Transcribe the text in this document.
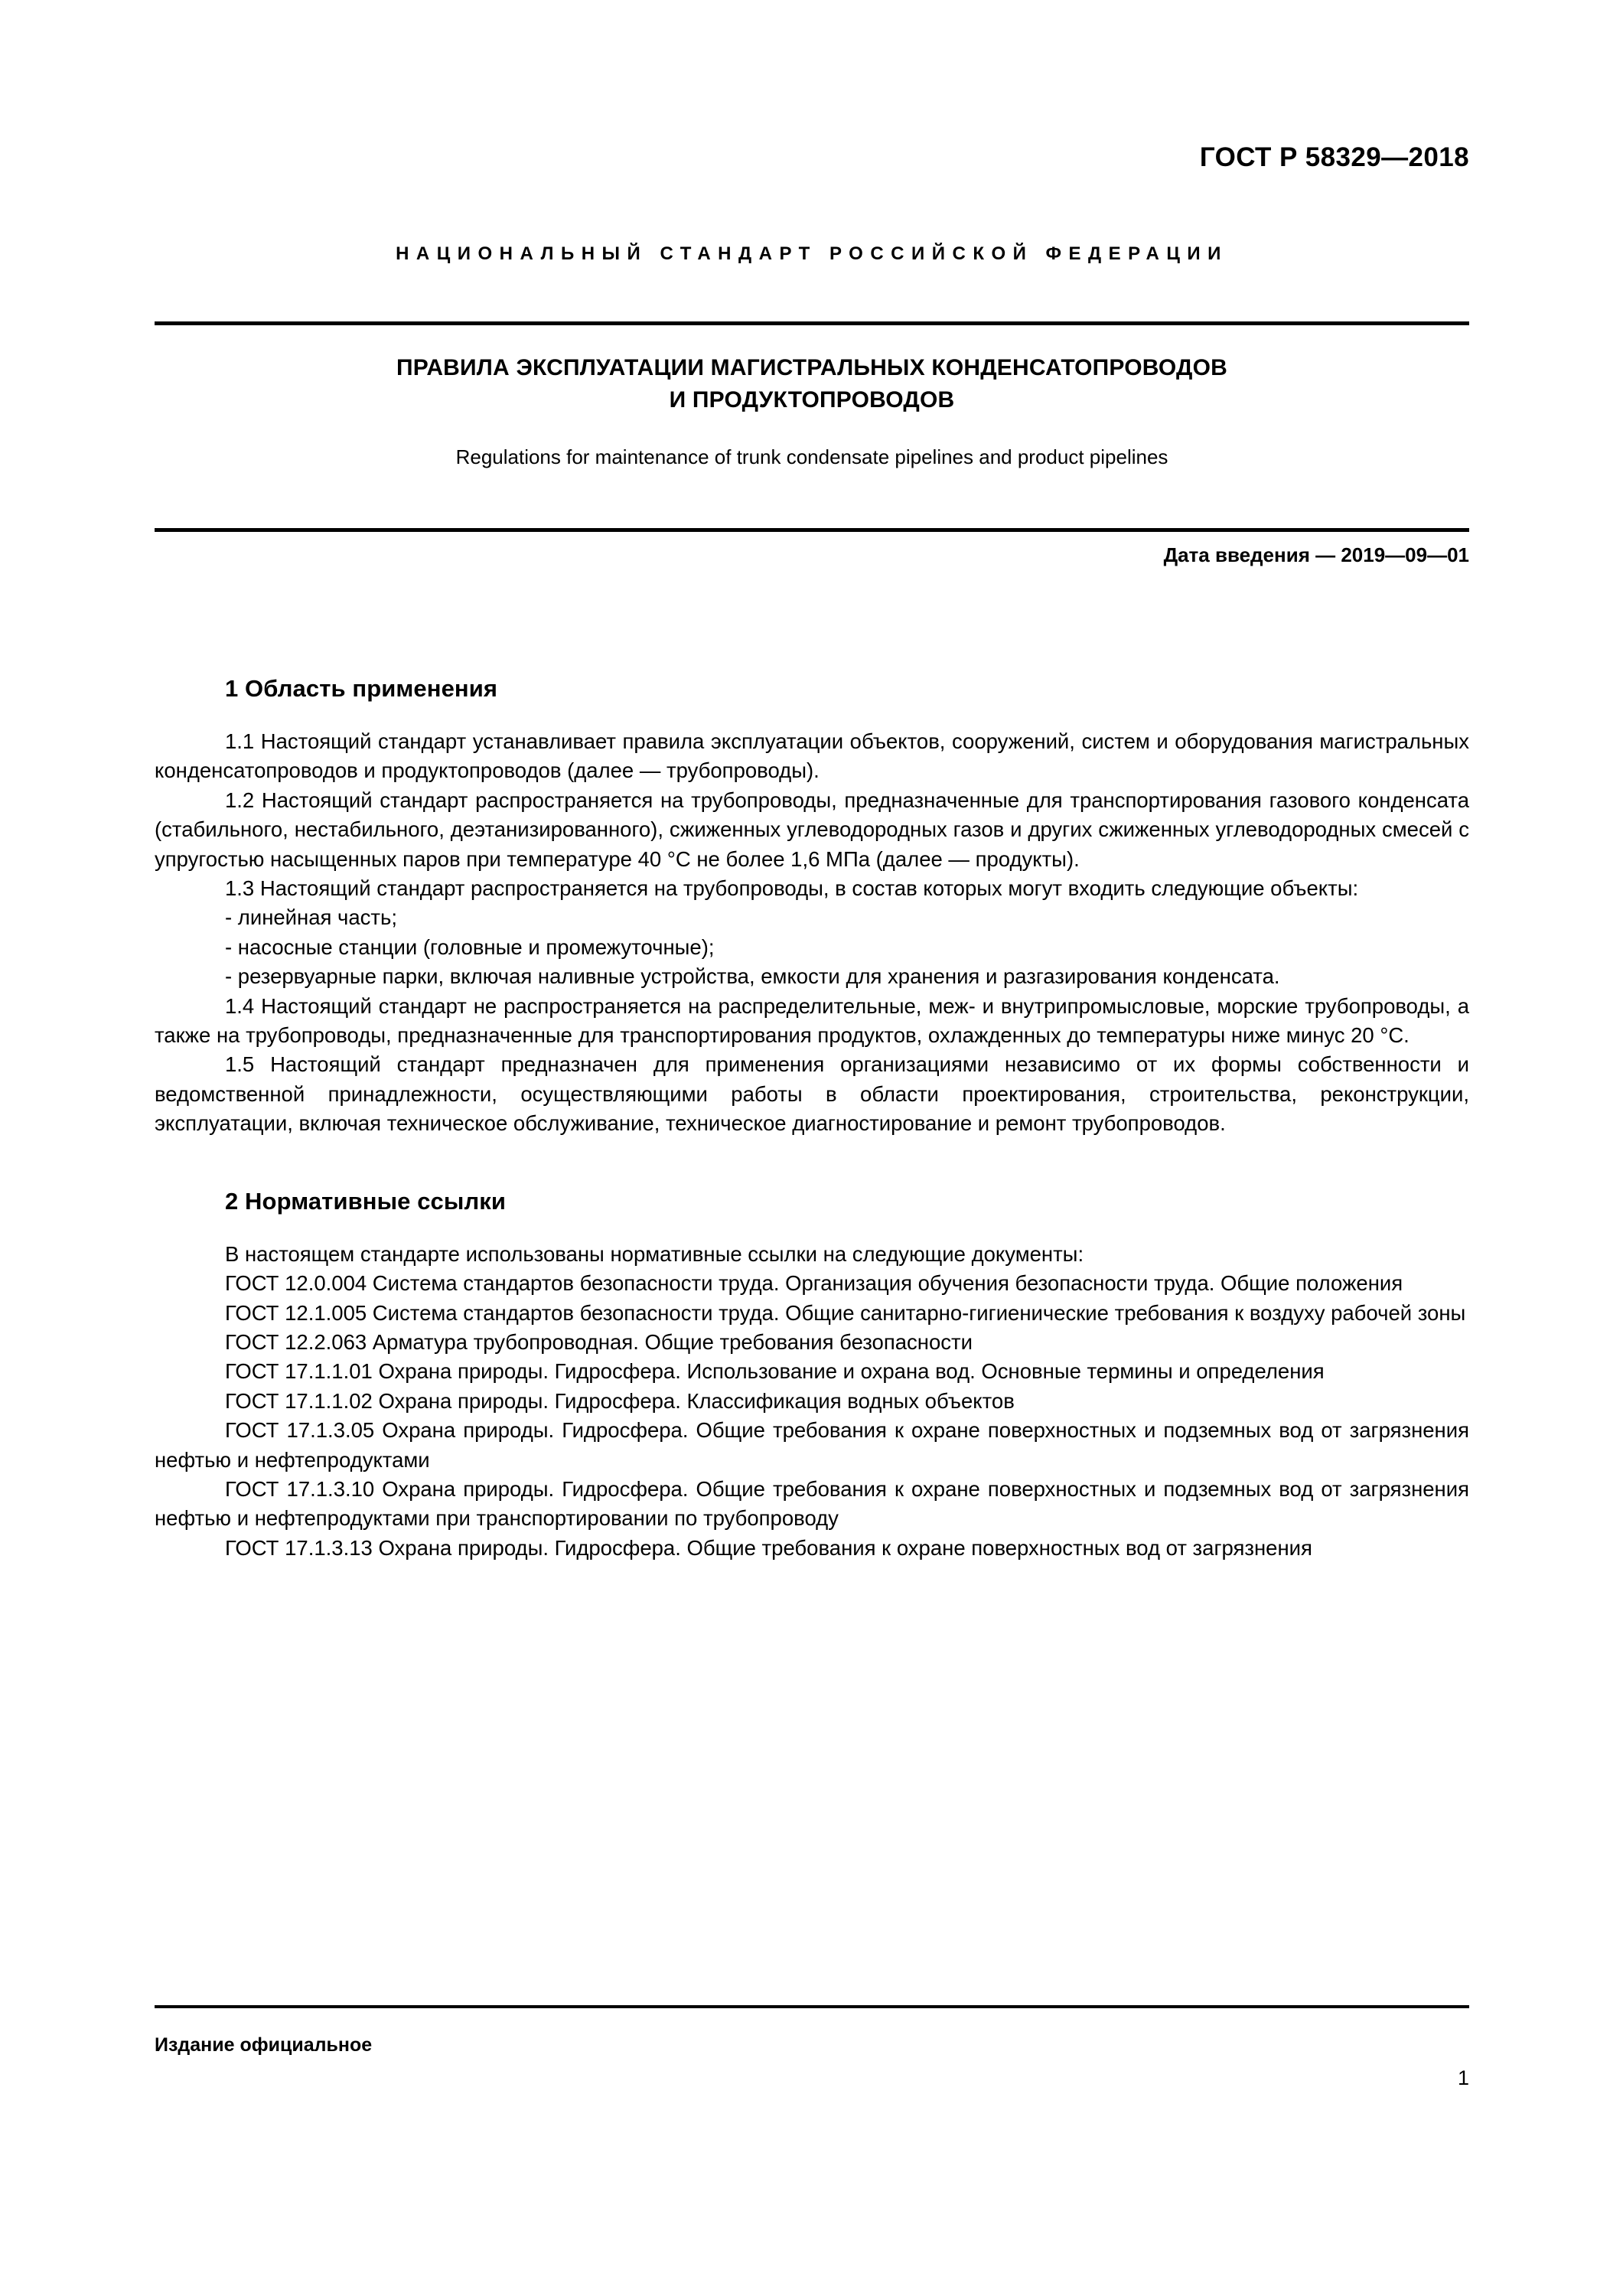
ГОСТ Р 58329—2018
НАЦИОНАЛЬНЫЙ СТАНДАРТ РОССИЙСКОЙ ФЕДЕРАЦИИ
ПРАВИЛА ЭКСПЛУАТАЦИИ МАГИСТРАЛЬНЫХ КОНДЕНСАТОПРОВОДОВ
И ПРОДУКТОПРОВОДОВ
Regulations for maintenance of trunk condensate pipelines and product pipelines
Дата введения — 2019—09—01
1 Область применения

1.1 Настоящий стандарт устанавливает правила эксплуатации объектов, сооружений, систем и оборудования магистральных конденсатопроводов и продуктопроводов (далее — трубопроводы).

1.2 Настоящий стандарт распространяется на трубопроводы, предназначенные для транспортирования газового конденсата (стабильного, нестабильного, деэтанизированного), сжиженных углеводородных газов и других сжиженных углеводородных смесей с упругостью насыщенных паров при температуре 40 °С не более 1,6 МПа (далее — продукты).

1.3 Настоящий стандарт распространяется на трубопроводы, в состав которых могут входить следующие объекты:

- линейная часть;

- насосные станции (головные и промежуточные);

- резервуарные парки, включая наливные устройства, емкости для хранения и разгазирования конденсата.

1.4 Настоящий стандарт не распространяется на распределительные, меж- и внутрипромысловые, морские трубопроводы, а также на трубопроводы, предназначенные для транспортирования продуктов, охлажденных до температуры ниже минус 20 °С.

1.5 Настоящий стандарт предназначен для применения организациями независимо от их формы собственности и ведомственной принадлежности, осуществляющими работы в области проектирования, строительства, реконструкции, эксплуатации, включая техническое обслуживание, техническое диагностирование и ремонт трубопроводов.

2 Нормативные ссылки

В настоящем стандарте использованы нормативные ссылки на следующие документы:

ГОСТ 12.0.004 Система стандартов безопасности труда. Организация обучения безопасности труда. Общие положения

ГОСТ 12.1.005 Система стандартов безопасности труда. Общие санитарно-гигиенические требования к воздуху рабочей зоны

ГОСТ 12.2.063 Арматура трубопроводная. Общие требования безопасности

ГОСТ 17.1.1.01 Охрана природы. Гидросфера. Использование и охрана вод. Основные термины и определения

ГОСТ 17.1.1.02 Охрана природы. Гидросфера. Классификация водных объектов

ГОСТ 17.1.3.05 Охрана природы. Гидросфера. Общие требования к охране поверхностных и подземных вод от загрязнения нефтью и нефтепродуктами

ГОСТ 17.1.3.10 Охрана природы. Гидросфера. Общие требования к охране поверхностных и подземных вод от загрязнения нефтью и нефтепродуктами при транспортировании по трубопроводу

ГОСТ 17.1.3.13 Охрана природы. Гидросфера. Общие требования к охране поверхностных вод от загрязнения

Издание официальное
1
